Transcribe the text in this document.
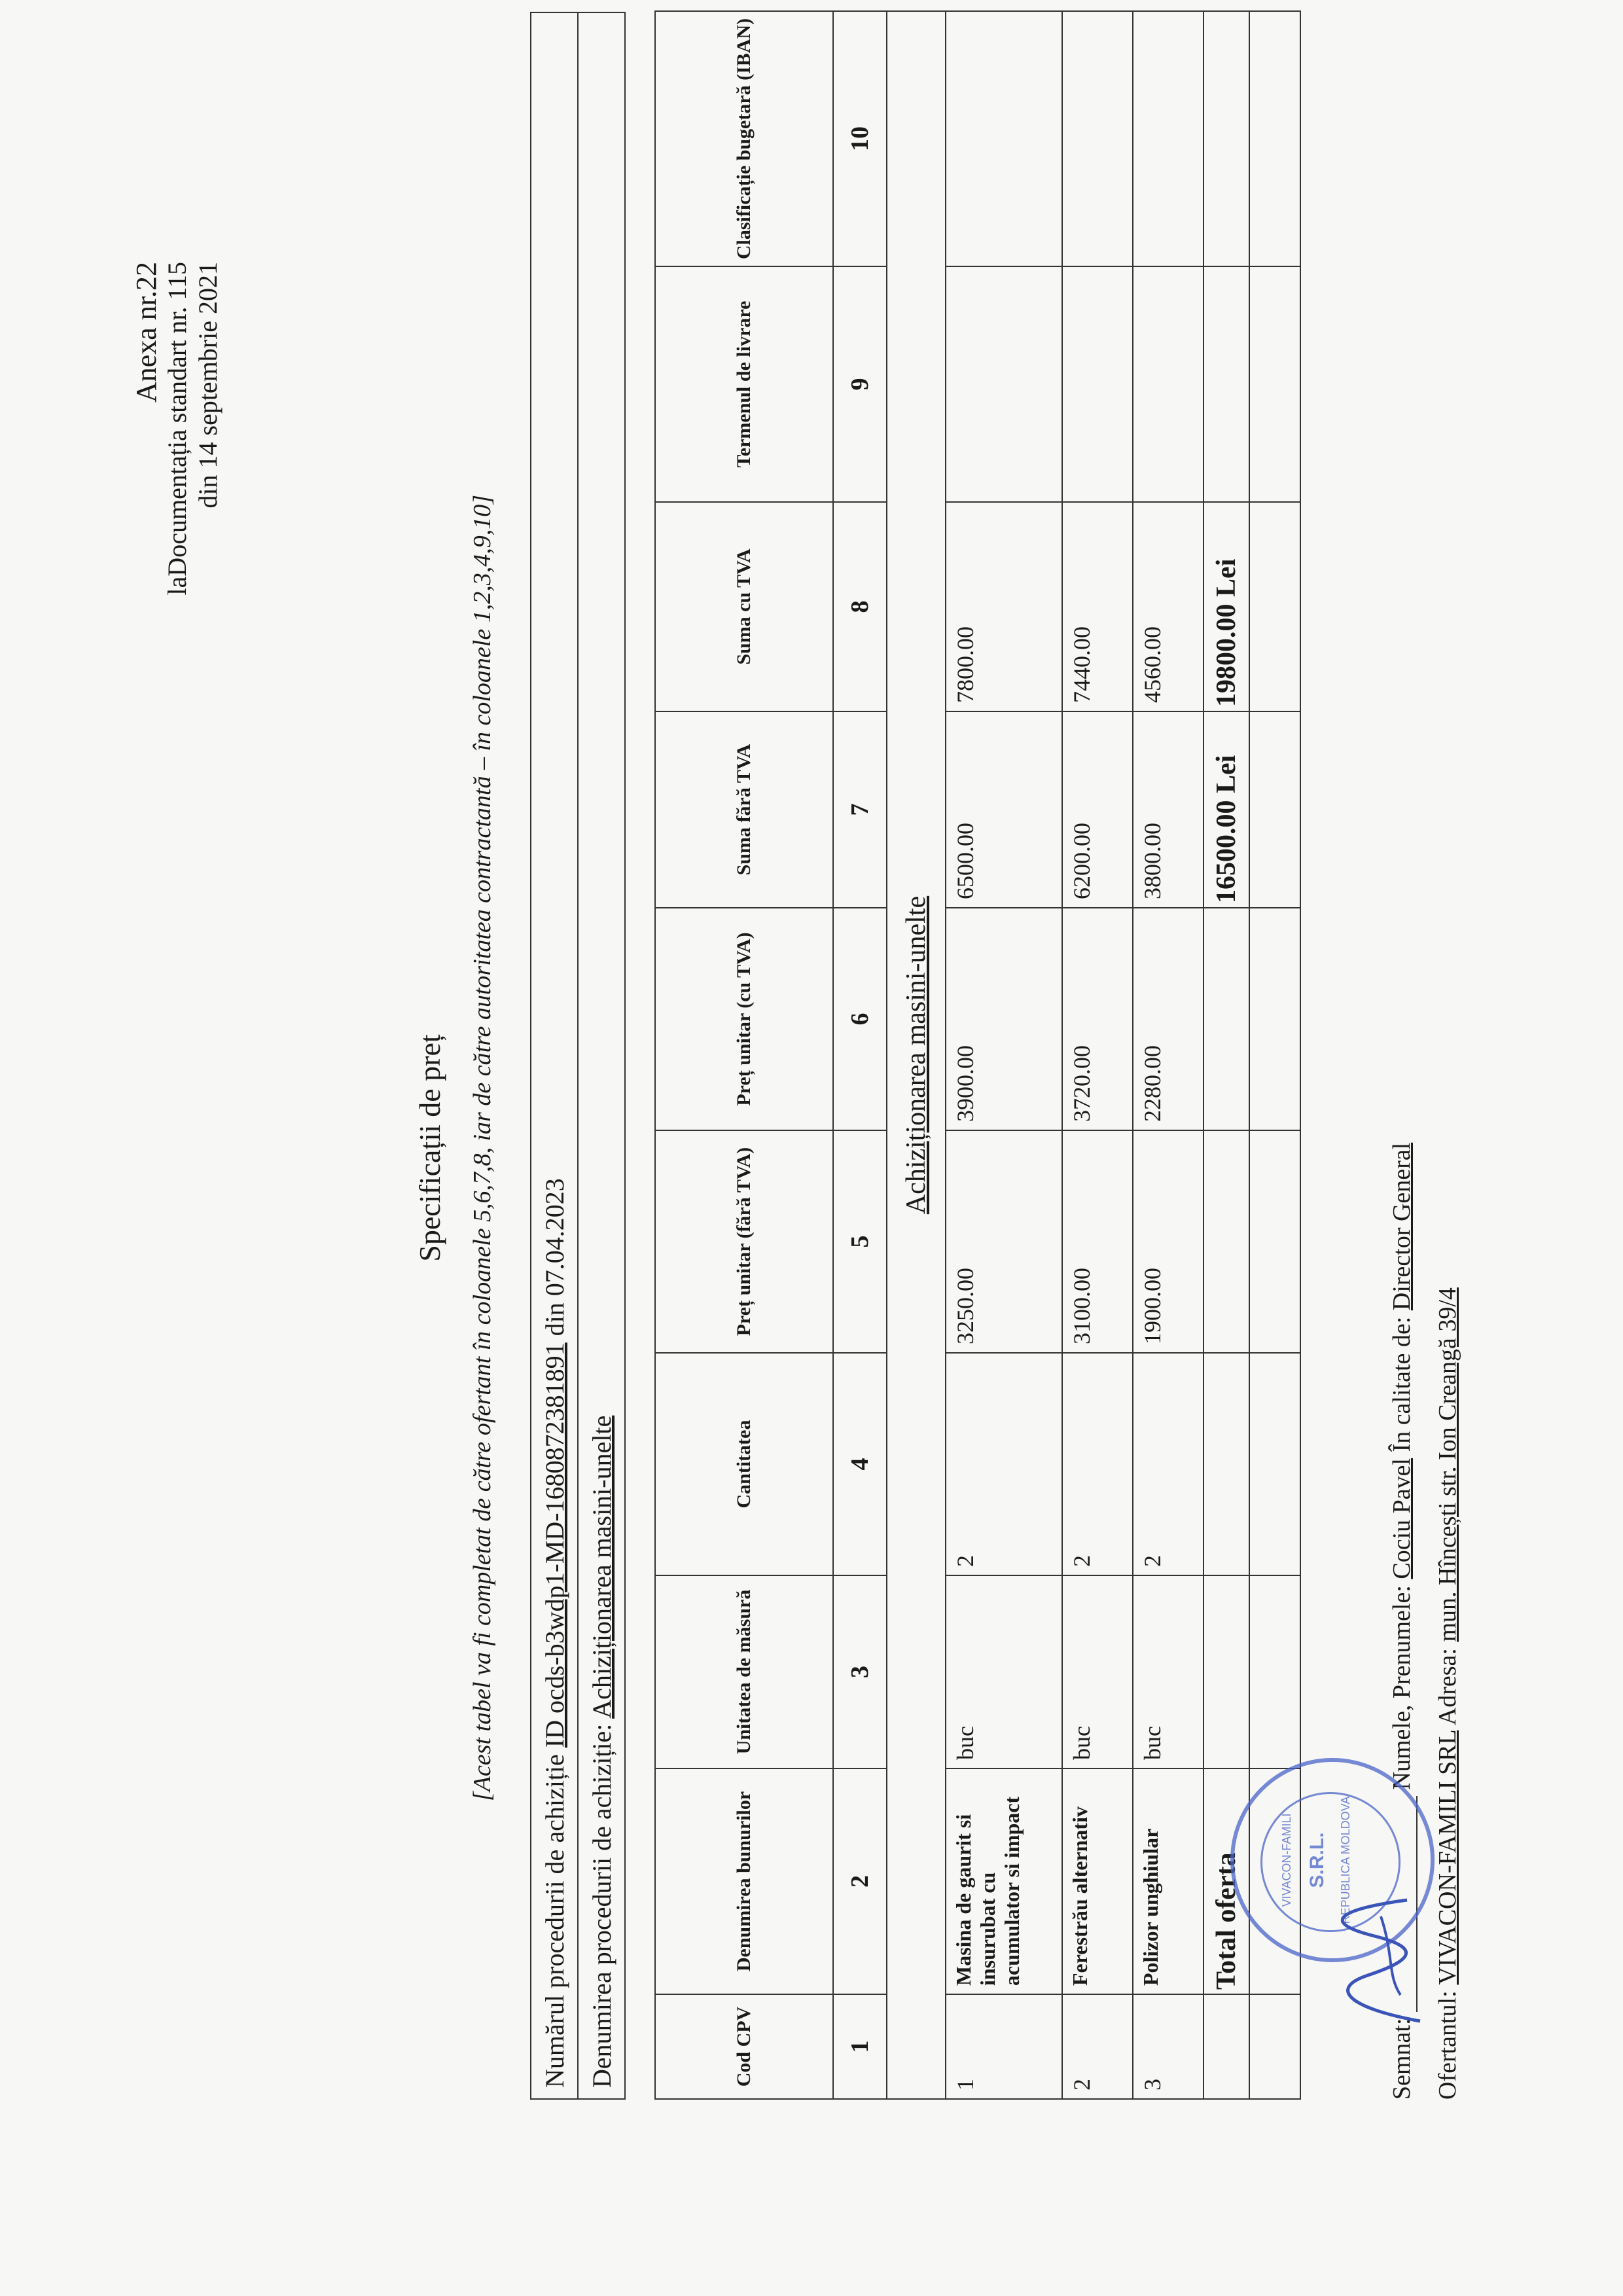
Anexa nr.22 laDocumentația standart nr. 115 din 14 septembrie 2021
Specificații de preț [Acest tabel va fi completat de către ofertant în coloanele 5,6,7,8, iar de către autoritatea contractantă – în coloanele 1,2,3,4,9,10]
Numărul procedurii de achiziție ID ocds-b3wdp1-MD-1680872381891 din 07.04.2023
Denumirea procedurii de achiziție: Achiziționarea masini-unelte
Cod CPV	Denumirea bunurilor	Unitatea de măsură	Cantitatea	Preț unitar (fără TVA)	Preț unitar (cu TVA)	Suma fără TVA	Suma cu TVA	Termenul de livrare	Clasificație bugetară (IBAN)
1	2	3	4	5	6	7	8	9	10
Achiziționarea masini-unelte									
1	Masina de gaurit si insurubat cu acumulator si impact	buc	2	3250.00	3900.00	6500.00	7800.00		
2	Ferestrău alternativ	buc	2	3100.00	3720.00	6200.00	7440.00		
3	Polizor unghiular	buc	2	1900.00	2280.00	3800.00	4560.00		
	Total oferta					16500.00 Lei	19800.00 Lei		

Semnat:   Numele, Prenumele: Cociu Pavel În calitate de: Director General
Ofertantul: VIVACON-FAMILI SRL Adresa: mun. Hîncești str. Ion Creangă 39/4
VIVACON-FAMILI S.R.L. REPUBLICA MOLDOVA
